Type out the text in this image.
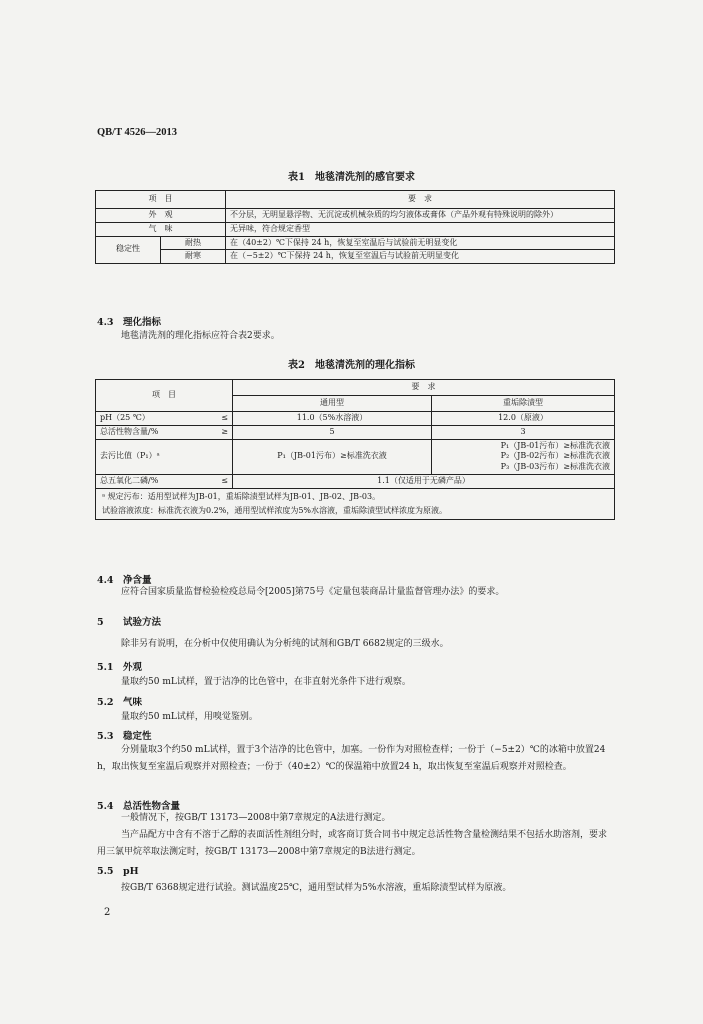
QB/T 4526—2013
表1　地毯清洗剂的感官要求
项　目		要　求
外　观		不分层，无明显悬浮物、无沉淀或机械杂质的均匀液体或膏体（产品外观有特殊说明的除外）
气　味		无异味，符合规定香型
稳定性	耐热	在（40±2）℃下保持 24 h，恢复至室温后与试验前无明显变化
	耐寒	在（−5±2）℃下保持 24 h，恢复至室温后与试验前无明显变化
4.3 理化指标
地毯清洗剂的理化指标应符合表2要求。
表2　地毯清洗剂的理化指标
项　目	要　求	
	通用型	重垢除渍型
pH（25 ℃） ≤	11.0（5%水溶液）	12.0（原液）
总活性物含量/% ≥	5	3
去污比值（P₁）ᵃ	P₁（JB-01污布）≥标准洗衣液	P₁（JB-01污布）≥标准洗衣液
P₂（JB-02污布）≥标准洗衣液
P₃（JB-03污布）≥标准洗衣液

总五氧化二磷/% ≤	1.1（仅适用于无磷产品）	

ᵃ 规定污布：适用型试样为JB-01，重垢除渍型试样为JB-01、JB-02、JB-03。
试验溶液浓度：标准洗衣液为0.2%，通用型试样浓度为5%水溶液，重垢除渍型试样浓度为原液。		
4.4 净含量
应符合国家质量监督检验检疫总局令[2005]第75号《定量包装商品计量监督管理办法》的要求。
5 试验方法
除非另有说明，在分析中仅使用确认为分析纯的试剂和GB/T 6682规定的三级水。
5.1 外观
量取约50 mL试样，置于洁净的比色管中，在非直射光条件下进行观察。
5.2 气味
量取约50 mL试样，用嗅觉鉴别。
5.3 稳定性
分别量取3个约50 mL试样，置于3个洁净的比色管中，加塞。一份作为对照检查样；一份于（−5±2）℃的冰箱中放置24 h，取出恢复至室温后观察并对照检查；一份于（40±2）℃的保温箱中放置24 h，取出恢复至室温后观察并对照检查。
5.4 总活性物含量
一般情况下，按GB/T 13173—2008中第7章规定的A法进行测定。
当产品配方中含有不溶于乙醇的表面活性剂组分时，或客商订货合同书中规定总活性物含量检测结果不包括水助溶剂，要求用三氯甲烷萃取法测定时，按GB/T 13173—2008中第7章规定的B法进行测定。
5.5 pH
按GB/T 6368规定进行试验。测试温度25℃，通用型试样为5%水溶液，重垢除渍型试样为原液。
2
